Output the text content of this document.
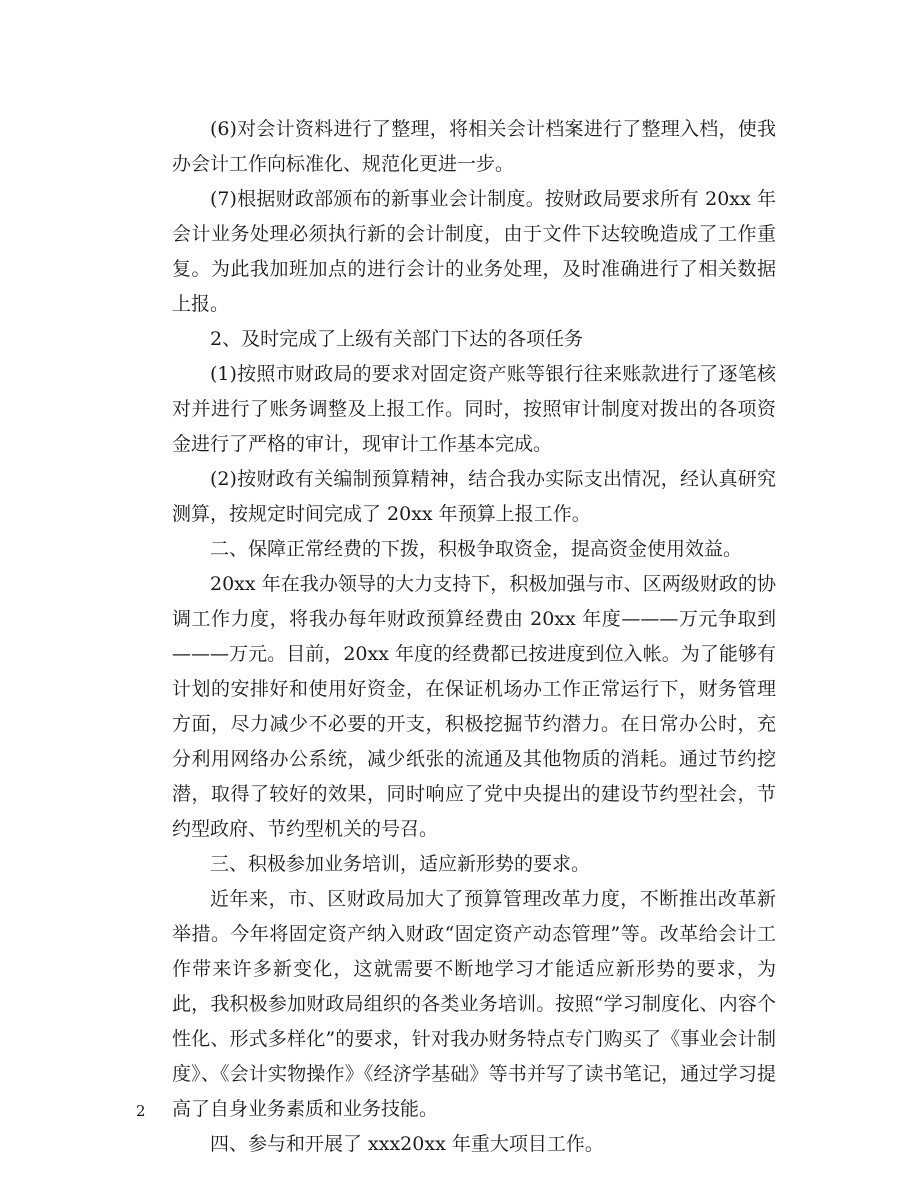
(6)对会计资料进行了整理，将相关会计档案进行了整理入档，使我办会计工作向标准化、规范化更进一步。

(7)根据财政部颁布的新事业会计制度。按财政局要求所有 20xx 年会计业务处理必须执行新的会计制度，由于文件下达较晚造成了工作重复。为此我加班加点的进行会计的业务处理，及时准确进行了相关数据上报。

2、及时完成了上级有关部门下达的各项任务

(1)按照市财政局的要求对固定资产账等银行往来账款进行了逐笔核对并进行了账务调整及上报工作。同时，按照审计制度对拨出的各项资金进行了严格的审计，现审计工作基本完成。

(2)按财政有关编制预算精神，结合我办实际支出情况，经认真研究测算，按规定时间完成了 20xx 年预算上报工作。

二、保障正常经费的下拨，积极争取资金，提高资金使用效益。

20xx 年在我办领导的大力支持下，积极加强与市、区两级财政的协调工作力度，将我办每年财政预算经费由 20xx 年度———万元争取到———万元。目前，20xx 年度的经费都已按进度到位入帐。为了能够有计划的安排好和使用好资金，在保证机场办工作正常运行下，财务管理方面，尽力减少不必要的开支，积极挖掘节约潜力。在日常办公时，充分利用网络办公系统，减少纸张的流通及其他物质的消耗。通过节约挖潜，取得了较好的效果，同时响应了党中央提出的建设节约型社会，节约型政府、节约型机关的号召。

三、积极参加业务培训，适应新形势的要求。

近年来，市、区财政局加大了预算管理改革力度，不断推出改革新举措。今年将固定资产纳入财政“固定资产动态管理”等。改革给会计工作带来许多新变化，这就需要不断地学习才能适应新形势的要求，为此，我积极参加财政局组织的各类业务培训。按照“学习制度化、内容个性化、形式多样化”的要求，针对我办财务特点专门购买了《事业会计制度》、《会计实物操作》《经济学基础》等书并写了读书笔记，通过学习提高了自身业务素质和业务技能。

四、参与和开展了 xxx20xx 年重大项目工作。

2
